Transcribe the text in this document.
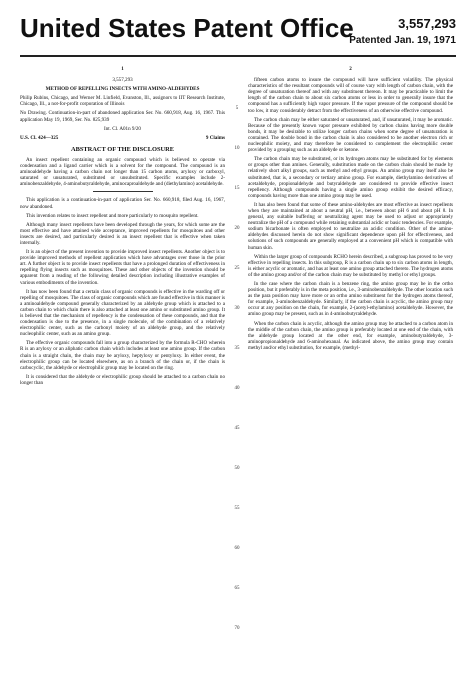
United States Patent Office	3,557,293
Patented Jan. 19, 1971

1

3,557,293

METHOD OF REPELLING INSECTS WITH AMINO-ALDEHYDES

Philip Rubins, Chicago, and Werner M. Linfield, Evanston, Ill., assignors to IIT Research Institute, Chicago, Ill., a not-for-profit corporation of Illinois

No Drawing. Continuation-in-part of abandoned application Ser. No. 660,918, Aug. 16, 1967. This application May 19, 1969, Ser. No. 825,939

Int. Cl. A01n 9/20

U.S. Cl. 424—325	9 Claims

ABSTRACT OF THE DISCLOSURE

An insect repellent containing an organic compound which is believed to operate via condensation and a ligand carrier which is a solvent for the compound. The compound is an aminoaldehyde having a carbon chain not longer than 15 carbon atoms, aryloxy or carboxyl, saturated or unsaturated, substituted or unsubstituted. Specific examples include 2-aminobenzaldehyde, 4-aminobutyraldehyde, aminocaproaldehyde and (diethylamino) acetaldehyde.

This application is a continuation-in-part of application Ser. No. 660,918, filed Aug. 16, 1967, now abandoned.

This invention relates to insect repellent and more particularly to mosquito repellent.

Although many insect repellents have been developed through the years, for which some are the most effective and have attained wide acceptance, improved repellents for mosquitoes and other insects are desired, and particularly desired is an insect repellent that is effective when taken internally.

It is an object of the present invention to provide improved insect repellents. Another object is to provide improved methods of repellent application which have advantages over those in the prior art. A further object is to provide insect repellents that have a prolonged duration of effectiveness in repelling flying insects such as mosquitoes. These and other objects of the invention should be apparent from a reading of the following detailed description including illustrative examples of various embodiments of the invention.

It has now been found that a certain class of organic compounds is effective in the warding off or repelling of mosquitoes. The class of organic compounds which are found effective in this manner is a aminoaldehyde compound generally characterized by an aldehyde group which is attached to a carbon chain to which chain there is also attached at least one amino or substituted amino group. It is believed that the mechanism of repellency is the condensation of these compounds, and that the condensation is due to the presence, in a single molecule, of the combination of a relatively electrophilic center, such as the carbonyl moiety of an aldehyde group, and the relatively nucleophilic center, such as an amino group.

The effective organic compounds fall into a group characterized by the formula R-CHO wherein R is an aryloxy or an aliphatic carbon chain which includes at least one amino group. If the carbon chain is a straight chain, the chain may be aryloxy, heptyloxy or pentyloxy. In either event, the electrophilic group can be located elsewhere, as on a branch of the chain or, if the chain is carbocyclic, the aldehyde or electrophilic group may be located on the ring.

It is considered that the aldehyde or electrophilic group should be attached to a carbon chain no longer than

5
10
15
20
25
30
35
40
45
50
55
60
65
70

2

fifteen carbon atoms to insure the compound will have sufficient volatility. The physical characteristics of the resultant compounds will of course vary with length of carbon chain, with the degree of unsaturation thereof and with any substituent thereon. It may be practicable to limit the length of the carbon chain to about six carbon atoms or less in order to generally insure that the compound has a sufficiently high vapor pressure. If the vapor pressure of the compound should be too low, it may considerably detract from the effectiveness of an otherwise effective compound.

The carbon chain may be either saturated or unsaturated, and, if unsaturated, it may be aromatic. Because of the presently known vapor pressure exhibited by carbon chains having more double bonds, it may be desirable to utilize longer carbon chains when some degree of unsaturation is contained. The double bond in the carbon chain is also considered to be another electron rich or nucleophilic moiety, and may therefore be considered to complement the electrophilic center provided by a grouping such as an aldehyde or ketone.

The carbon chain may be substituted, or its hydrogen atoms may be substituted for by elements or groups other than amines. Generally, substitution made on the carbon chain should be made by relatively short alkyl groups, such as methyl and ethyl groups. An amino group may itself also be substituted, that is, a secondary or tertiary amino group. For example, diethylamino derivatives of acetaldehyde, propionaldehyde and butyraldehyde are considered to provide effective insect repellency. Although compounds having a single amino group exhibit the desired efficacy, compounds having more than one amino group may be used.

It has also been found that some of these amino-aldehydes are most effective as insect repellents when they are maintained at about a neutral pH, i.e., between about pH 6 and about pH 8. In general, any suitable buffering or neutralizing agent may be used to adjust or appropriately neutralize the pH of a compound while retaining substantial acidic or basic tendencies. For example, sodium bicarbonate is often employed to neutralize an acidic condition. Other of the amino-aldehydes discussed herein do not show significant dependence upon pH for effectiveness, and solutions of such compounds are generally employed at a convenient pH which is compatible with human skin.

Within the larger group of compounds RCHO herein described, a subgroup has proved to be very effective in repelling insects. In this subgroup, R is a carbon chain up to six carbon atoms in length, is either acyclic or aromatic, and has at least one amino group attached thereto. The hydrogen atoms of the amino group and/or of the carbon chain may be substituted by methyl or ethyl groups.

In the case where the carbon chain is a benzene ring, the amino group may be in the ortho position, but it preferably is in the meta position, i.e., 3-aminobenzaldehyde. The other location such as the para position may have more or an ortho amino substituent for the hydrogen atoms thereof, for example, 3-aminobenzaldehyde. Similarly, if the carbon chain is acyclic, the amino group may occur at any position on the chain, for example, 2-(acetyl-ethylamino) acetaldehyde. However, the amino group may be present, such as in 4-aminobutyraldehyde.

When the carbon chain is acyclic, although the amino group may be attached to a carbon atom in the middle of the carbon chain, the amino group is preferably located at one end of the chain, with the aldehyde group located at the other end, for example, aminobutyraldehyde, 3-aminopropionaldehyde and 6-aminohexanal. As indicated above, the amino group may contain methyl and/or ethyl substitution, for example, (methyl-
